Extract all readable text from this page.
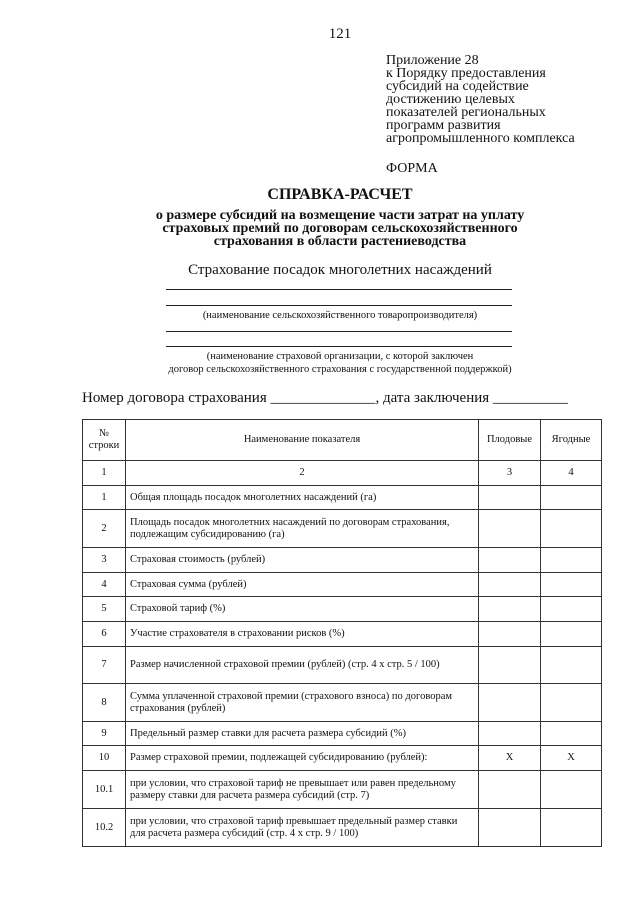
121
Приложение 28
к Порядку предоставления
субсидий на содействие
достижению целевых
показателей региональных
программ развития
агропромышленного комплекса
ФОРМА
СПРАВКА-РАСЧЕТ
о размере субсидий на возмещение части затрат на уплату
страховых премий по договорам сельскохозяйственного
страхования в области растениеводства
Страхование посадок многолетних насаждений
(наименование сельскохозяйственного товаропроизводителя)
(наименование страховой организации, с которой заключен
договор сельскохозяйственного страхования с государственной поддержкой)
Номер договора страхования ______________, дата заключения __________
№ строки	Наименование показателя	Плодовые	Ягодные
1	2	3	4
1	Общая площадь посадок многолетних насаждений (га)		
2	Площадь посадок многолетних насаждений по договорам страхования, подлежащим субсидированию (га)		
3	Страховая стоимость (рублей)		
4	Страховая сумма (рублей)		
5	Страховой тариф (%)		
6	Участие страхователя в страховании рисков (%)		
7	Размер начисленной страховой премии (рублей) (стр. 4 х стр. 5 / 100)		
8	Сумма уплаченной страховой премии (страхового взноса) по договорам страхования (рублей)		
9	Предельный размер ставки для расчета размера субсидий (%)		
10	Размер страховой премии, подлежащей субсидированию (рублей):	X	X
10.1	при условии, что страховой тариф не превышает или равен предельному размеру ставки для расчета размера субсидий (стр. 7)		
10.2	при условии, что страховой тариф превышает предельный размер ставки для расчета размера субсидий (стр. 4 х стр. 9 / 100)		
